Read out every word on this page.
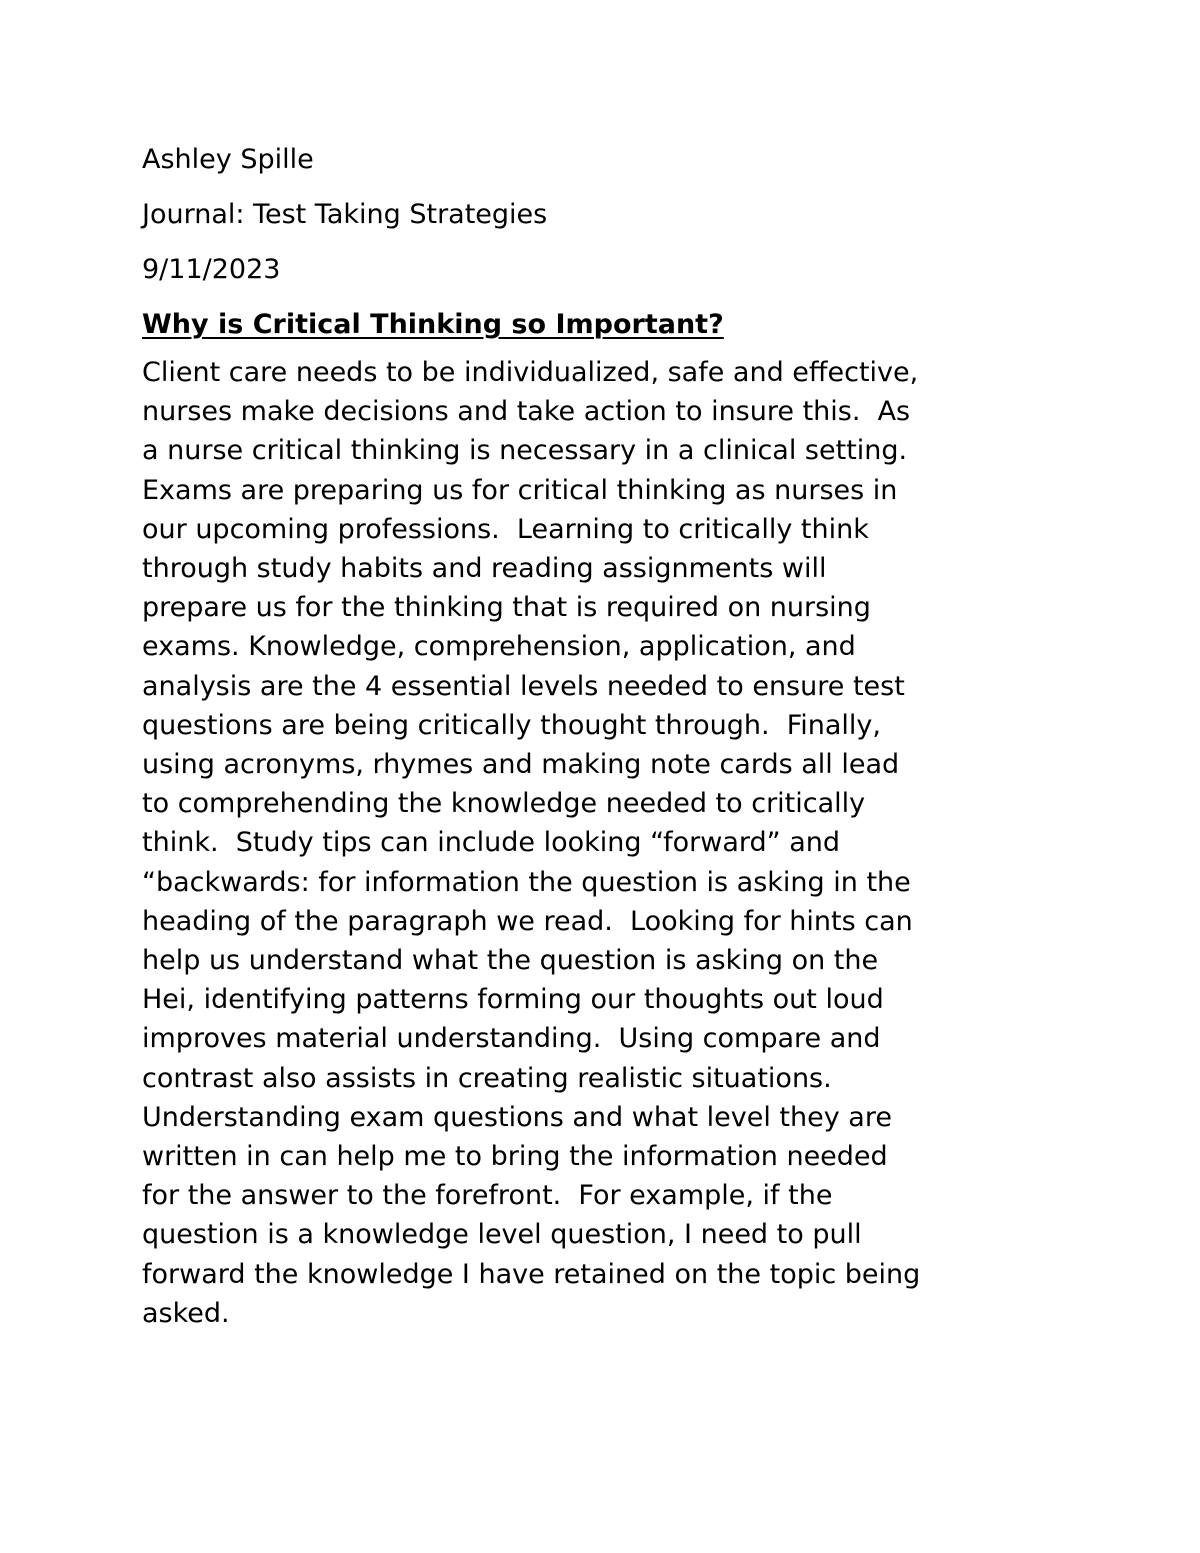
Ashley Spille
Journal: Test Taking Strategies
9/11/2023
Why is Critical Thinking so Important?
Client care needs to be individualized, safe and effective,
nurses make decisions and take action to insure this.  As
a nurse critical thinking is necessary in a clinical setting.
Exams are preparing us for critical thinking as nurses in
our upcoming professions.  Learning to critically think
through study habits and reading assignments will
prepare us for the thinking that is required on nursing
exams. Knowledge, comprehension, application, and
analysis are the 4 essential levels needed to ensure test
questions are being critically thought through.  Finally,
using acronyms, rhymes and making note cards all lead
to comprehending the knowledge needed to critically
think.  Study tips can include looking “forward” and
“backwards: for information the question is asking in the
heading of the paragraph we read.  Looking for hints can
help us understand what the question is asking on the
Hei, identifying patterns forming our thoughts out loud
improves material understanding.  Using compare and
contrast also assists in creating realistic situations.
Understanding exam questions and what level they are
written in can help me to bring the information needed
for the answer to the forefront.  For example, if the
question is a knowledge level question, I need to pull
forward the knowledge I have retained on the topic being
asked.
